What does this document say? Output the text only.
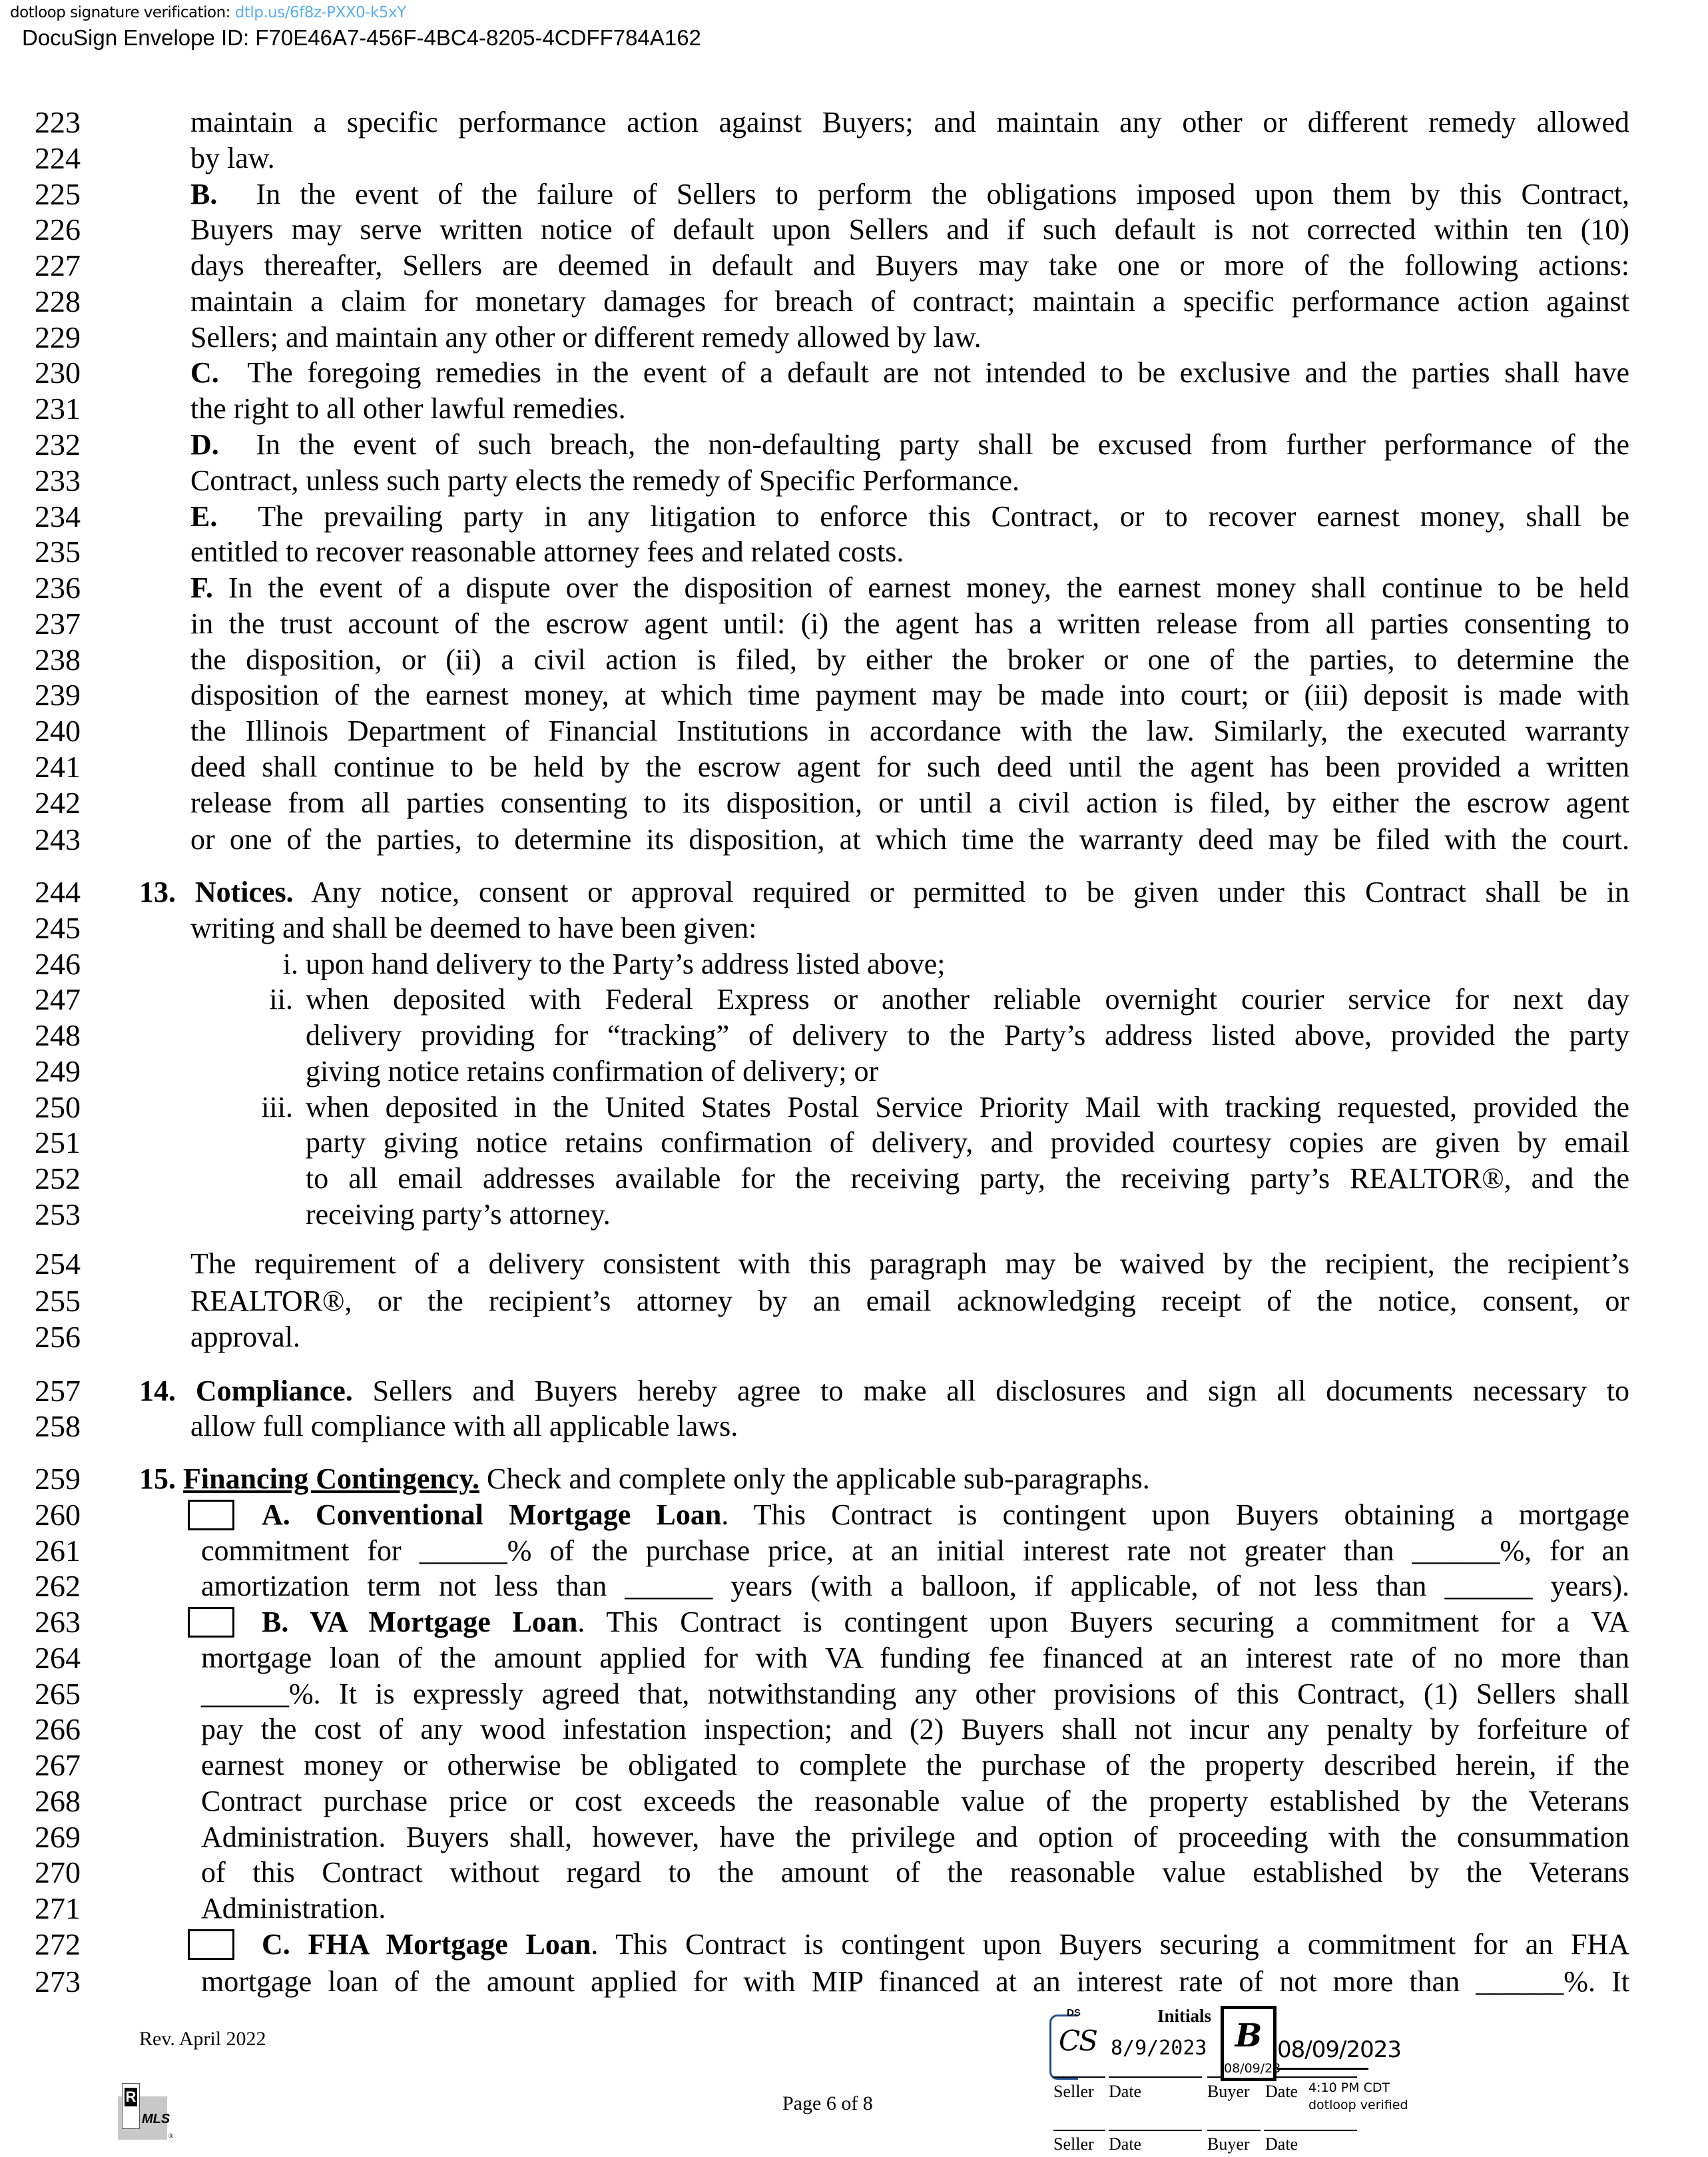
dotloop signature verification: dtlp.us/6f8z-PXX0-k5xY
DocuSign Envelope ID: F70E46A7-456F-4BC4-8205-4CDFF784A162
223	maintain a specific performance action against Buyers; and maintain any other or different remedy allowed
224	by law.
225	B.  In the event of the failure of Sellers to perform the obligations imposed upon them by this Contract,
226	Buyers may serve written notice of default upon Sellers and if such default is not corrected within ten (10)
227	days thereafter, Sellers are deemed in default and Buyers may take one or more of the following actions:
228	maintain a claim for monetary damages for breach of contract; maintain a specific performance action against
229	Sellers; and maintain any other or different remedy allowed by law.
230	C.  The foregoing remedies in the event of a default are not intended to be exclusive and the parties shall have
231	the right to all other lawful remedies.
232	D.  In the event of such breach, the non-defaulting party shall be excused from further performance of the
233	Contract, unless such party elects the remedy of Specific Performance.
234	E.  The prevailing party in any litigation to enforce this Contract, or to recover earnest money, shall be
235	entitled to recover reasonable attorney fees and related costs.
236	F. In the event of a dispute over the disposition of earnest money, the earnest money shall continue to be held
237	in the trust account of the escrow agent until: (i) the agent has a written release from all parties consenting to
238	the disposition, or (ii) a civil action is filed, by either the broker or one of the parties, to determine the
239	disposition of the earnest money, at which time payment may be made into court; or (iii) deposit is made with
240	the Illinois Department of Financial Institutions in accordance with the law. Similarly, the executed warranty
241	deed shall continue to be held by the escrow agent for such deed until the agent has been provided a written
242	release from all parties consenting to its disposition, or until a civil action is filed, by either the escrow agent
243	or one of the parties, to determine its disposition, at which time the warranty deed may be filed with the court.
244 13. Notices. Any notice, consent or approval required or permitted to be given under this Contract shall be in
245	writing and shall be deemed to have been given:
246	i. upon hand delivery to the Party’s address listed above;
247	ii. when deposited with Federal Express or another reliable overnight courier service for next day
248	delivery providing for “tracking” of delivery to the Party’s address listed above, provided the party
249	giving notice retains confirmation of delivery; or
250	iii. when deposited in the United States Postal Service Priority Mail with tracking requested, provided the
251	party giving notice retains confirmation of delivery, and provided courtesy copies are given by email
252	to all email addresses available for the receiving party, the receiving party’s REALTOR®, and the
253	receiving party’s attorney.
254	The requirement of a delivery consistent with this paragraph may be waived by the recipient, the recipient’s
255	REALTOR®, or the recipient’s attorney by an email acknowledging receipt of the notice, consent, or
256	approval.
257 14. Compliance. Sellers and Buyers hereby agree to make all disclosures and sign all documents necessary to
258	allow full compliance with all applicable laws.
259 15. Financing Contingency. Check and complete only the applicable sub-paragraphs.
260	A. Conventional Mortgage Loan. This Contract is contingent upon Buyers obtaining a mortgage
261	commitment for ______% of the purchase price, at an initial interest rate not greater than ______%, for an
262	amortization term not less than ______ years (with a balloon, if applicable, of not less than ______ years).
263	B. VA Mortgage Loan. This Contract is contingent upon Buyers securing a commitment for a VA
264	mortgage loan of the amount applied for with VA funding fee financed at an interest rate of no more than
265	______%. It is expressly agreed that, notwithstanding any other provisions of this Contract, (1) Sellers shall
266	pay the cost of any wood infestation inspection; and (2) Buyers shall not incur any penalty by forfeiture of
267	earnest money or otherwise be obligated to complete the purchase of the property described herein, if the
268	Contract purchase price or cost exceeds the reasonable value of the property established by the Veterans
269	Administration. Buyers shall, however, have the privilege and option of proceeding with the consummation
270	of this Contract without regard to the amount of the reasonable value established by the Veterans
271	Administration.
272	C. FHA Mortgage Loan. This Contract is contingent upon Buyers securing a commitment for an FHA
273	mortgage loan of the amount applied for with MIP financed at an interest rate of not more than ______%. It
Rev. April 2022
R
MLS
®
Page 6 of 8
DS
CS 8/9/2023
Initials
B
08/09/23
4:10 PM CDT
dotloop verified
08/09/2023
Seller Date	Buyer Date
Seller Date	Buyer Date
